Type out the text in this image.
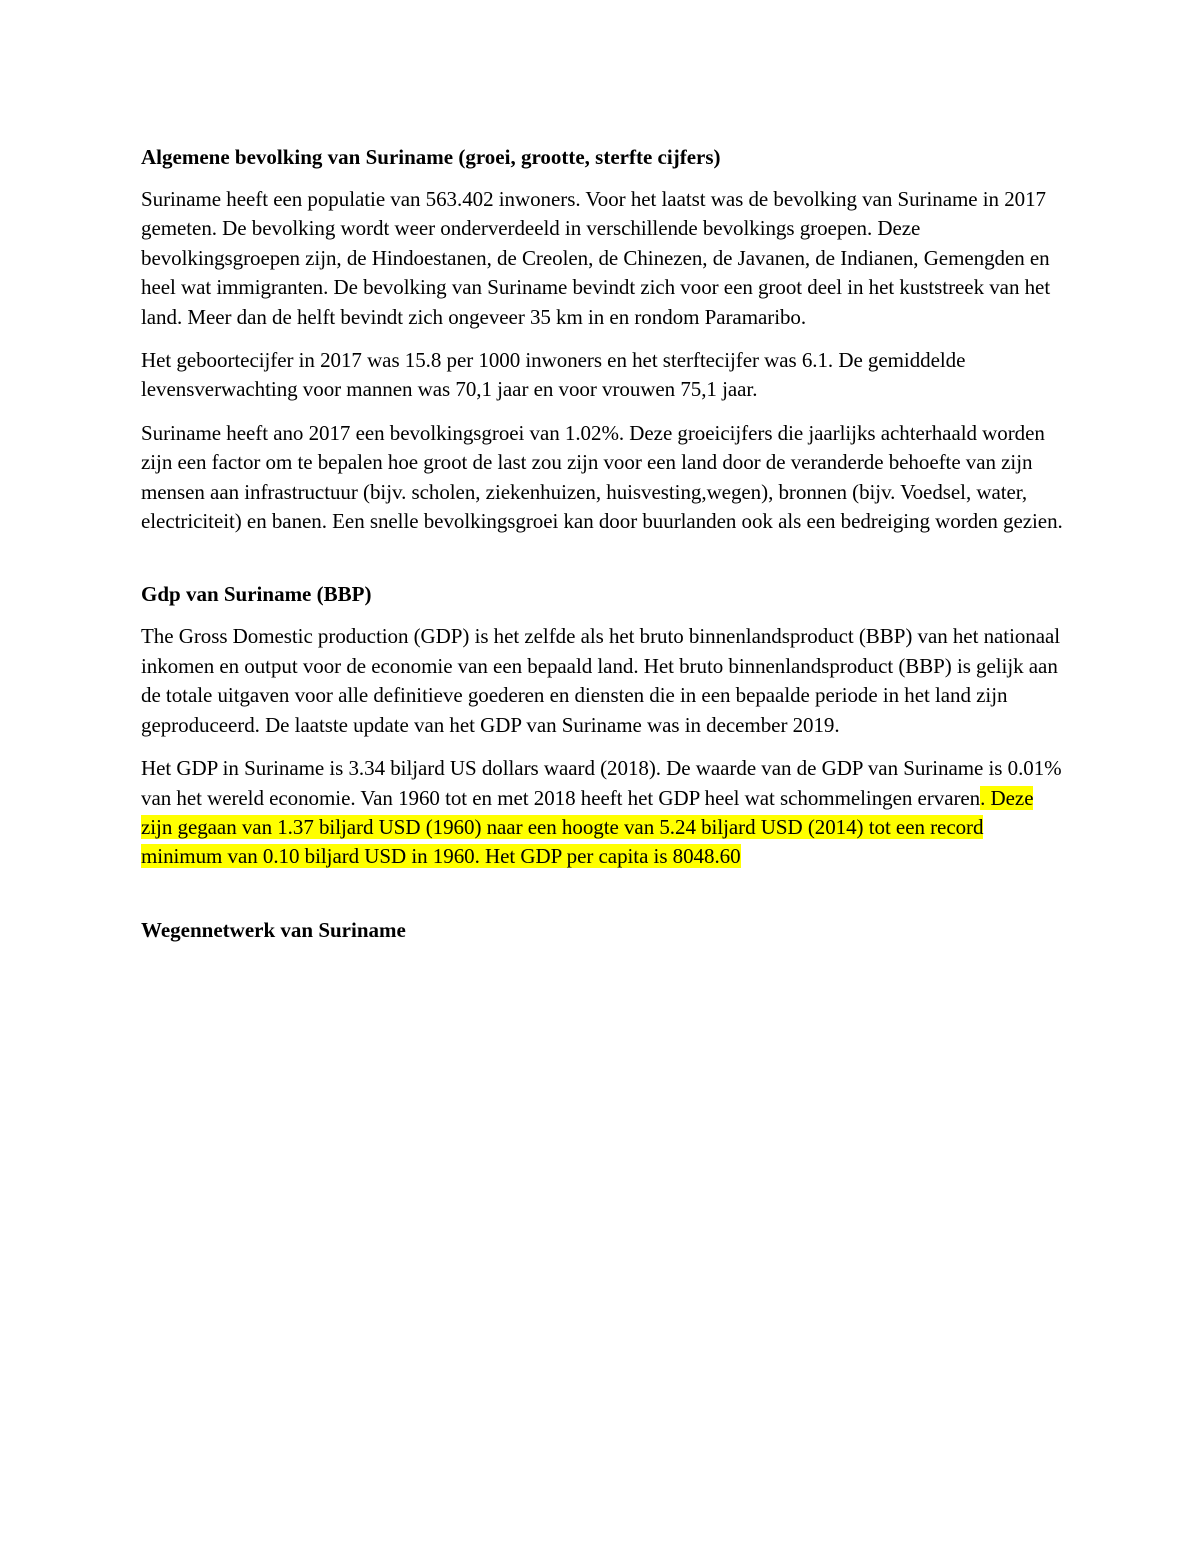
Algemene bevolking van Suriname (groei, grootte, sterfte cijfers)

Suriname heeft een populatie van 563.402 inwoners. Voor het laatst was de bevolking van Suriname in 2017 gemeten. De bevolking wordt weer onderverdeeld in verschillende bevolkings groepen. Deze bevolkingsgroepen zijn, de Hindoestanen, de Creolen, de Chinezen, de Javanen, de Indianen, Gemengden en heel wat immigranten. De bevolking van Suriname bevindt zich voor een groot deel in het kuststreek van het land. Meer dan de helft bevindt zich ongeveer 35 km in en rondom Paramaribo.

Het geboortecijfer in 2017 was 15.8 per 1000 inwoners en het sterftecijfer was 6.1. De gemiddelde levensverwachting voor mannen was 70,1 jaar en voor vrouwen 75,1 jaar.

Suriname heeft ano 2017 een bevolkingsgroei van 1.02%. Deze groeicijfers die jaarlijks achterhaald worden zijn een factor om te bepalen hoe groot de last zou zijn voor een land door de veranderde behoefte van zijn mensen aan infrastructuur (bijv. scholen, ziekenhuizen, huisvesting,wegen), bronnen (bijv. Voedsel, water, electriciteit) en banen. Een snelle bevolkingsgroei kan door buurlanden ook als een bedreiging worden gezien.

Gdp van Suriname (BBP)

The Gross Domestic production (GDP) is het zelfde als het bruto binnenlandsproduct (BBP) van het nationaal inkomen en output voor de economie van een bepaald land. Het bruto binnenlandsproduct (BBP) is gelijk aan de totale uitgaven voor alle definitieve goederen en diensten die in een bepaalde periode in het land zijn geproduceerd. De laatste update van het GDP van Suriname was in december 2019.

Het GDP in Suriname is 3.34 biljard US dollars waard (2018). De waarde van de GDP van Suriname is 0.01% van het wereld economie. Van 1960 tot en met 2018 heeft het GDP heel wat schommelingen ervaren. Deze zijn gegaan van 1.37 biljard USD (1960) naar een hoogte van 5.24 biljard USD (2014) tot een record minimum van 0.10 biljard USD in 1960. Het GDP per capita is 8048.60

Wegennetwerk van Suriname
